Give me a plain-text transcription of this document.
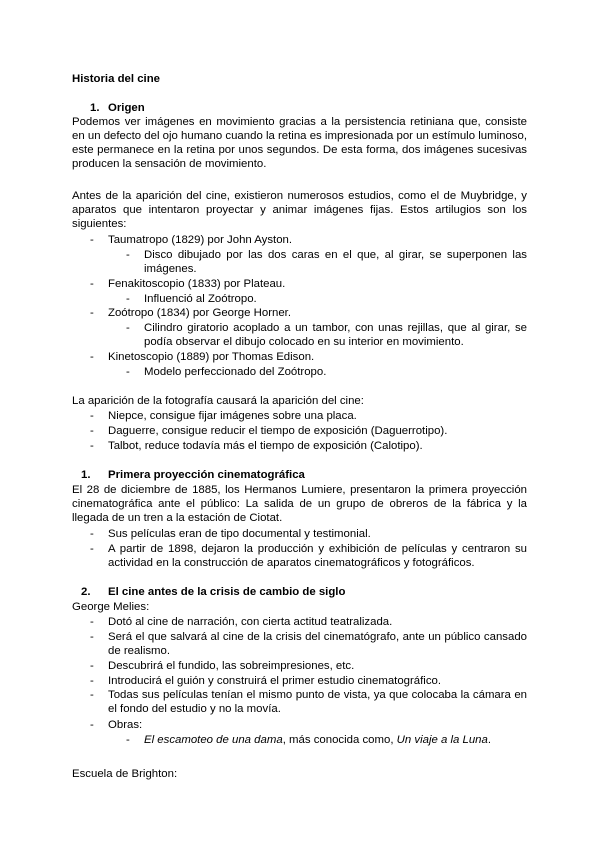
Historia del cine
1. Origen
Podemos ver imágenes en movimiento gracias a la persistencia retiniana que, consiste en un defecto del ojo humano cuando la retina es impresionada por un estímulo luminoso, este permanece en la retina por unos segundos. De esta forma, dos imágenes sucesivas producen la sensación de movimiento.
Antes de la aparición del cine, existieron numerosos estudios, como el de Muybridge, y aparatos que intentaron proyectar y animar imágenes fijas. Estos artilugios son los siguientes:
- Taumatropo (1829) por John Ayston.
- Disco dibujado por las dos caras en el que, al girar, se superponen las imágenes.
- Fenakitoscopio (1833) por Plateau.
- Influenció al Zoótropo.
- Zoótropo (1834) por George Horner.
- Cilindro giratorio acoplado a un tambor, con unas rejillas, que al girar, se podía observar el dibujo colocado en su interior en movimiento.
- Kinetoscopio (1889) por Thomas Edison.
- Modelo perfeccionado del Zoótropo.
La aparición de la fotografía causará la aparición del cine:
- Niepce, consigue fijar imágenes sobre una placa.
- Daguerre, consigue reducir el tiempo de exposición (Daguerrotipo).
- Talbot, reduce todavía más el tiempo de exposición (Calotipo).
1. Primera proyección cinematográfica
El 28 de diciembre de 1885, los Hermanos Lumiere, presentaron la primera proyección cinematográfica ante el público: La salida de un grupo de obreros de la fábrica y la llegada de un tren a la estación de Ciotat.
- Sus películas eran de tipo documental y testimonial.
- A partir de 1898, dejaron la producción y exhibición de películas y centraron su actividad en la construcción de aparatos cinematográficos y fotográficos.
2. El cine antes de la crisis de cambio de siglo
George Melies:
- Dotó al cine de narración, con cierta actitud teatralizada.
- Será el que salvará al cine de la crisis del cinematógrafo, ante un público cansado de realismo.
- Descubrirá el fundido, las sobreimpresiones, etc.
- Introducirá el guión y construirá el primer estudio cinematográfico.
- Todas sus películas tenían el mismo punto de vista, ya que colocaba la cámara en el fondo del estudio y no la movía.
- Obras:
- El escamoteo de una dama, más conocida como, Un viaje a la Luna.
Escuela de Brighton:
